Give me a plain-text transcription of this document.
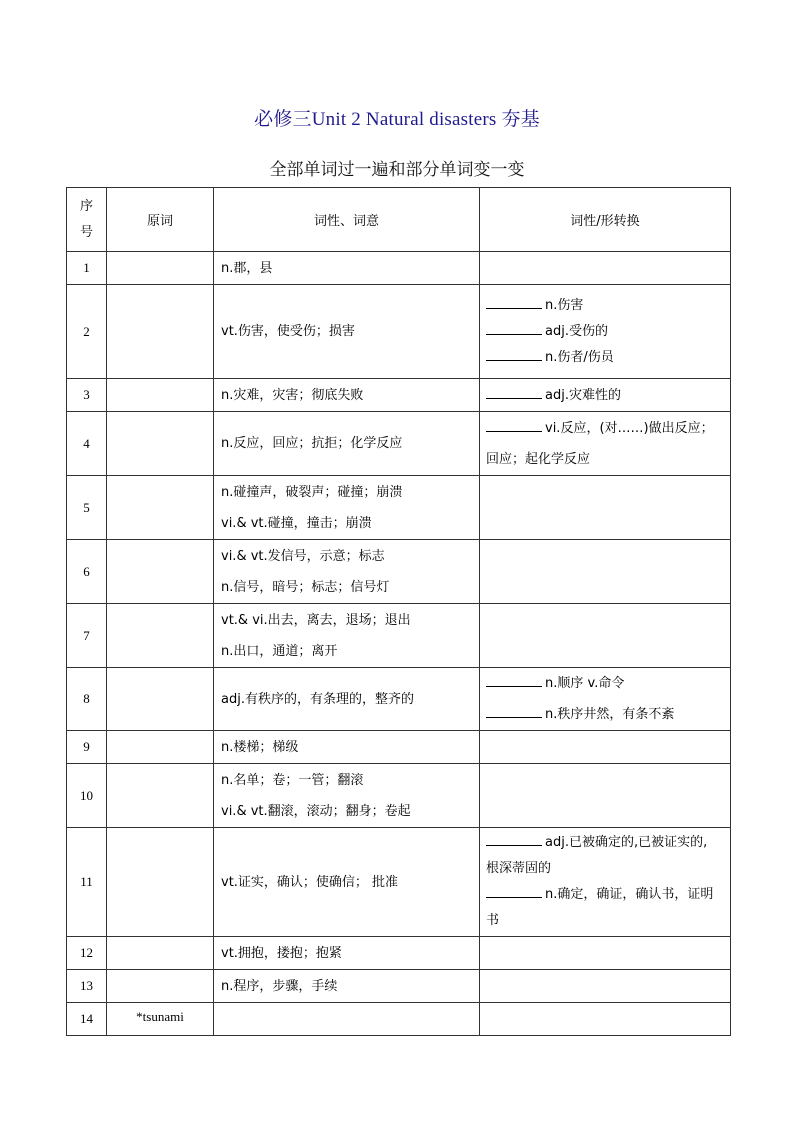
必修三Unit 2 Natural disasters 夯基
全部单词过一遍和部分单词变一变
序
号	原词	词性、词意	词性/形转换
1		n.郡，县	

2		vt.伤害，使受伤；损害	n.伤害
adj.受伤的
n.伤者/伤员

3		n.灾难，灾害；彻底失败	adj.灾难性的

4		n.反应，回应；抗拒；化学反应	vi.反应，(对……)做出反应；
回应；起化学反应

5		n.碰撞声，破裂声；碰撞；崩溃
vi.& vt.碰撞，撞击；崩溃	

6		vi.& vt.发信号，示意；标志
n.信号，暗号；标志；信号灯	

7		vt.& vi.出去，离去，退场；退出
n.出口，通道；离开	

8		adj.有秩序的，有条理的，整齐的	n.顺序 v.命令
n.秩序井然，有条不紊

9		n.楼梯；梯级	

10		n.名单；卷；一管；翻滚
vi.& vt.翻滚，滚动；翻身；卷起	

11		vt.证实，确认；使确信； 批准	adj.已被确定的,已被证实的,
根深蒂固的
n.确定，确证，确认书，证明
书

12		vt.拥抱，搂抱；抱紧	

13		n.程序，步骤，手续	

14	*tsunami		
